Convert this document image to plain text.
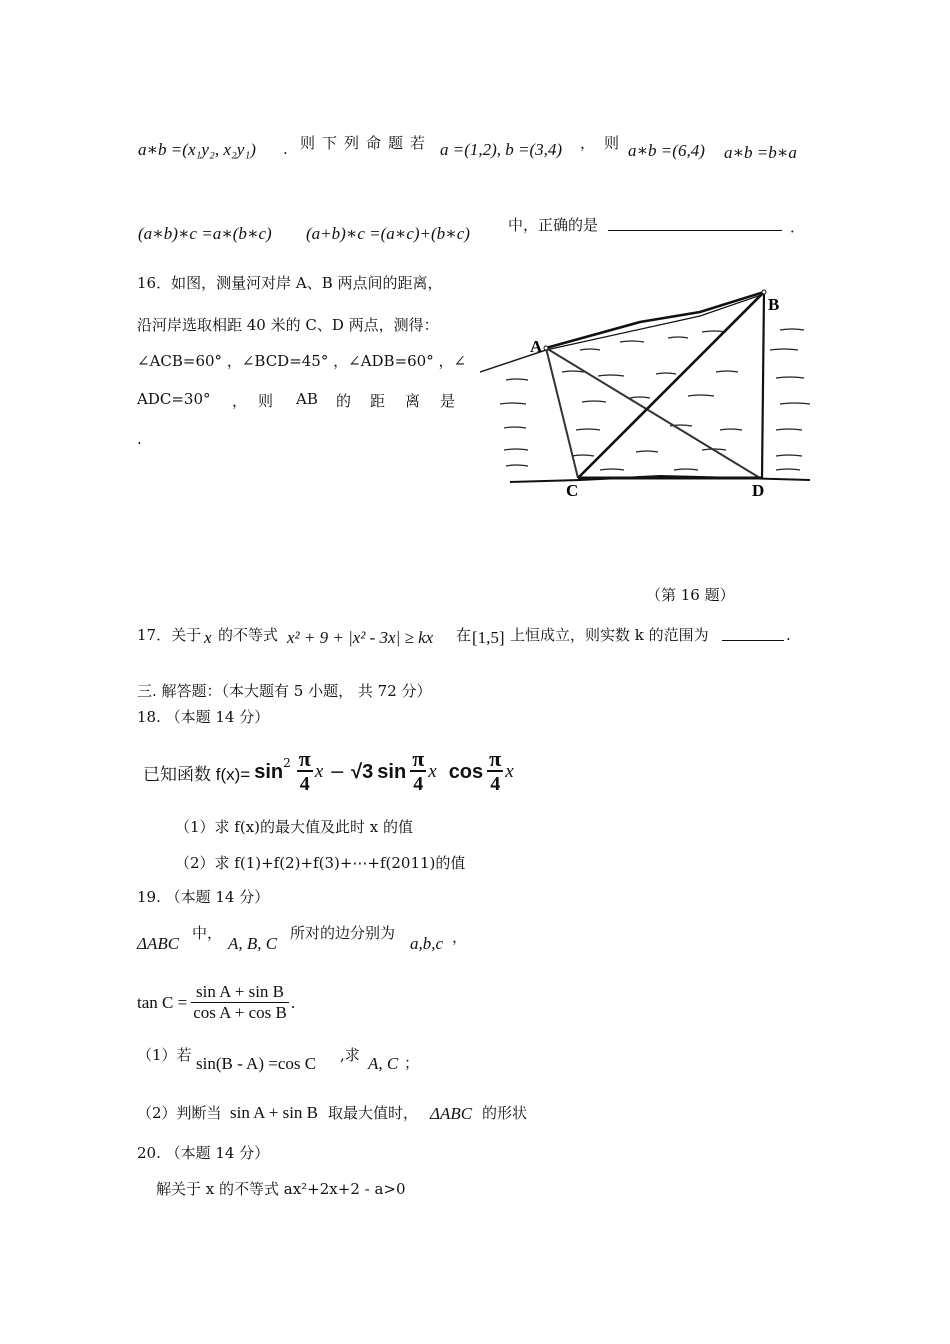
a∗b =(x₁y₂, x₂y₁) . 则下列命题若 a =(1,2), b =(3,4) ， 则 a∗b =(6,4) a∗b =b∗a
(a∗b)∗c =a∗(b∗c) (a+b)∗c =(a∗c)+(b∗c)	中，正确的是	．
16．如图，测量河对岸 A、B 两点间的距离，
沿河岸选取相距 40 米的 C、D 两点，测得：
∠ACB=60° ，∠BCD=45° ，∠ADB=60° ，∠
ADC=30° ， 则 AB 的 距 离 是
.
A
B
C	D
（第 16 题）
17．关于 x 的不等式 x² + 9 + |x² - 3x| ≥ kx 在 [1,5] 上恒成立，则实数 k 的范围为	.
三. 解答题：（本大题有 5 小题， 共 72 分）
18. （本题 14 分）
已知函数 $f(x)= \sin^2 \pi$
4
x − √3 sin
π
4
x cos
π
4
x
（1）求 f(x)的最大值及此时 x 的值
（2）求 f(1)+f(2)+f(3)+⋯+f(2011)的值
19. （本题 14 分）
ΔABC
中，
A, B, C
所对的边分别为
a,b,c ，
$\tan C = \frac{\text{sin A + sin B}}{\text{cos A + cos B}}$ .
（1）若 sin(B - A) =cos C ,求 A, C ；
（2）判断当 sin A + sin B 取最大值时， ΔABC 的形状
20. （本题 14 分）
解关于 x 的不等式 ax²+2x+2 - a>0
